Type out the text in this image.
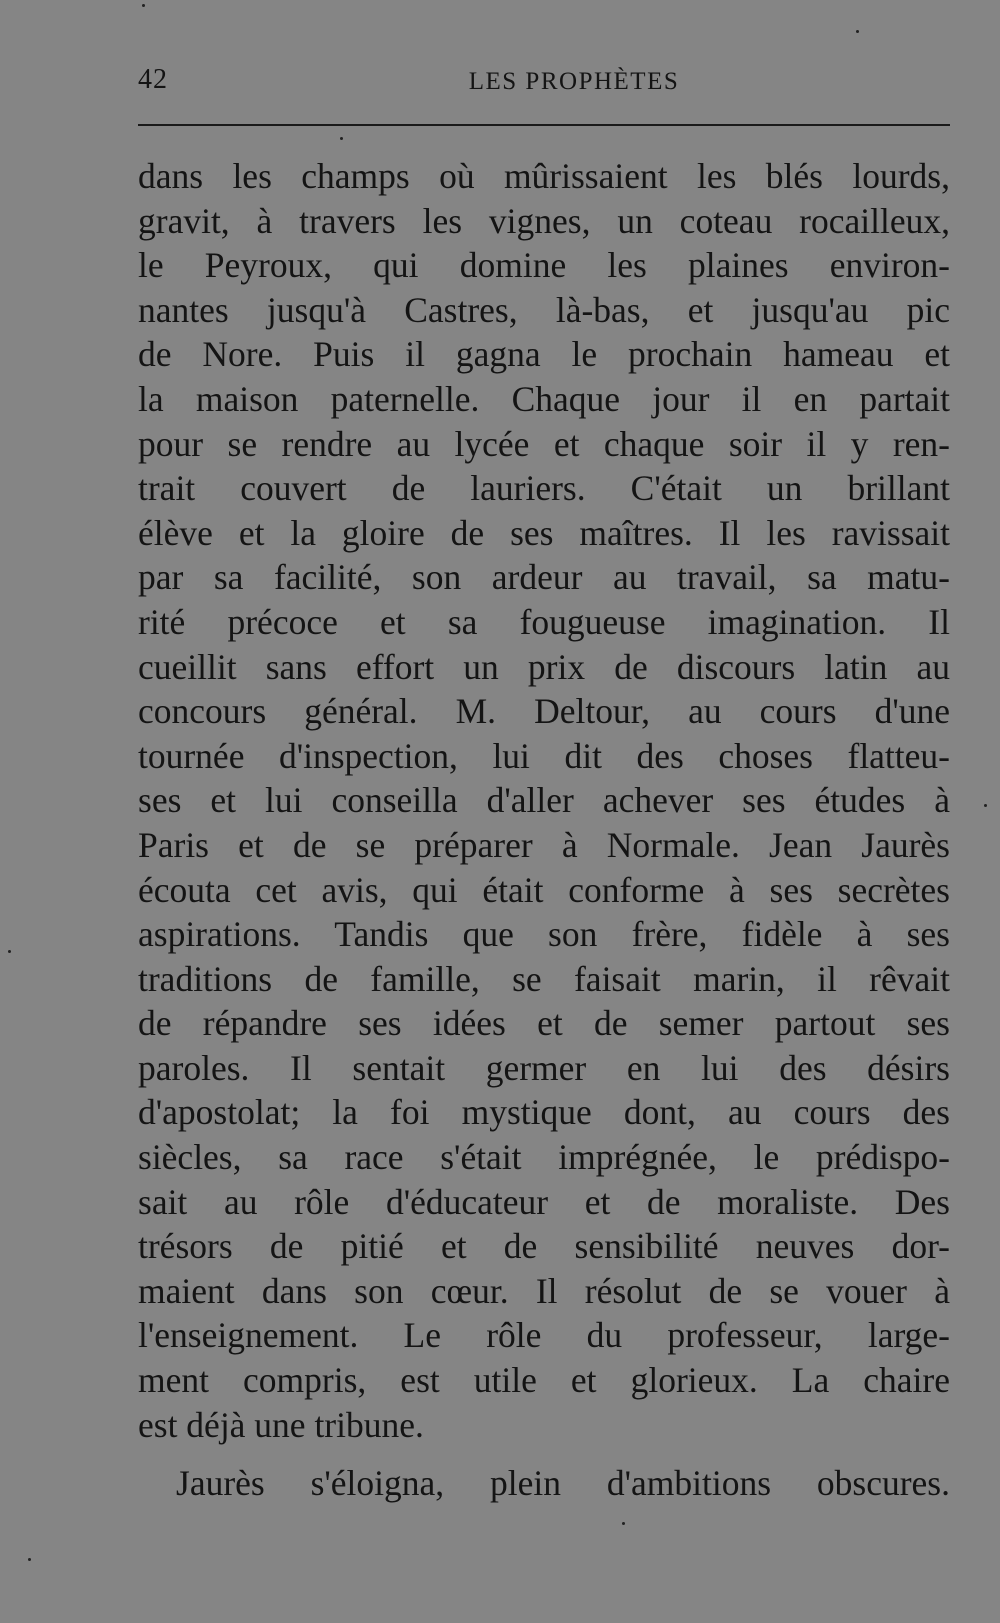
42	LES PROPHÈTES
dans les champs où mûrissaient les blés lourds,
gravit, à travers les vignes, un coteau rocailleux,
le Peyroux, qui domine les plaines environ-
nantes jusqu'à Castres, là-bas, et jusqu'au pic
de Nore. Puis il gagna le prochain hameau et
la maison paternelle. Chaque jour il en partait
pour se rendre au lycée et chaque soir il y ren-
trait couvert de lauriers. C'était un brillant
élève et la gloire de ses maîtres. Il les ravissait
par sa facilité, son ardeur au travail, sa matu-
rité précoce et sa fougueuse imagination. Il
cueillit sans effort un prix de discours latin au
concours général. M. Deltour, au cours d'une
tournée d'inspection, lui dit des choses flatteu-
ses et lui conseilla d'aller achever ses études à
Paris et de se préparer à Normale. Jean Jaurès
écouta cet avis, qui était conforme à ses secrètes
aspirations. Tandis que son frère, fidèle à ses
traditions de famille, se faisait marin, il rêvait
de répandre ses idées et de semer partout ses
paroles. Il sentait germer en lui des désirs
d'apostolat; la foi mystique dont, au cours des
siècles, sa race s'était imprégnée, le prédispo-
sait au rôle d'éducateur et de moraliste. Des
trésors de pitié et de sensibilité neuves dor-
maient dans son cœur. Il résolut de se vouer à
l'enseignement. Le rôle du professeur, large-
ment compris, est utile et glorieux. La chaire
est déjà une tribune.
Jaurès s'éloigna, plein d'ambitions obscures.
